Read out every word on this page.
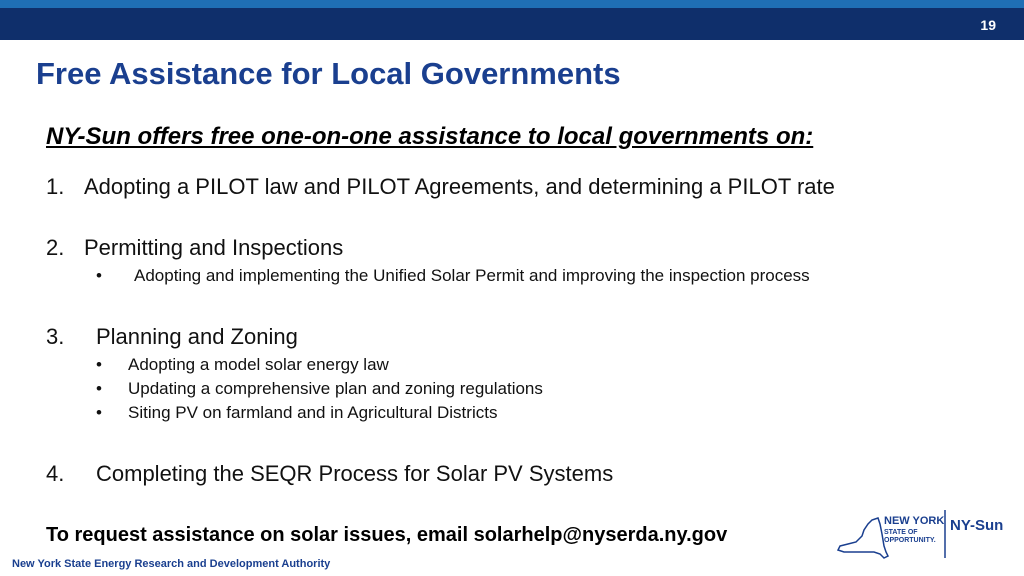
19
Free Assistance for Local Governments
NY-Sun offers free one-on-one assistance to local governments on:
1. Adopting a PILOT law and PILOT Agreements, and determining a PILOT rate
2. Permitting and Inspections
• Adopting and implementing the Unified Solar Permit and improving the inspection process
3. Planning and Zoning
• Adopting a model solar energy law
• Updating a comprehensive plan and zoning regulations
• Siting PV on farmland and in Agricultural Districts
4. Completing the SEQR Process for Solar PV Systems
To request assistance on solar issues, email solarhelp@nyserda.ny.gov
New York State Energy Research and Development Authority
NEW YORK
STATE OF
OPPORTUNITY.
NY-Sun
